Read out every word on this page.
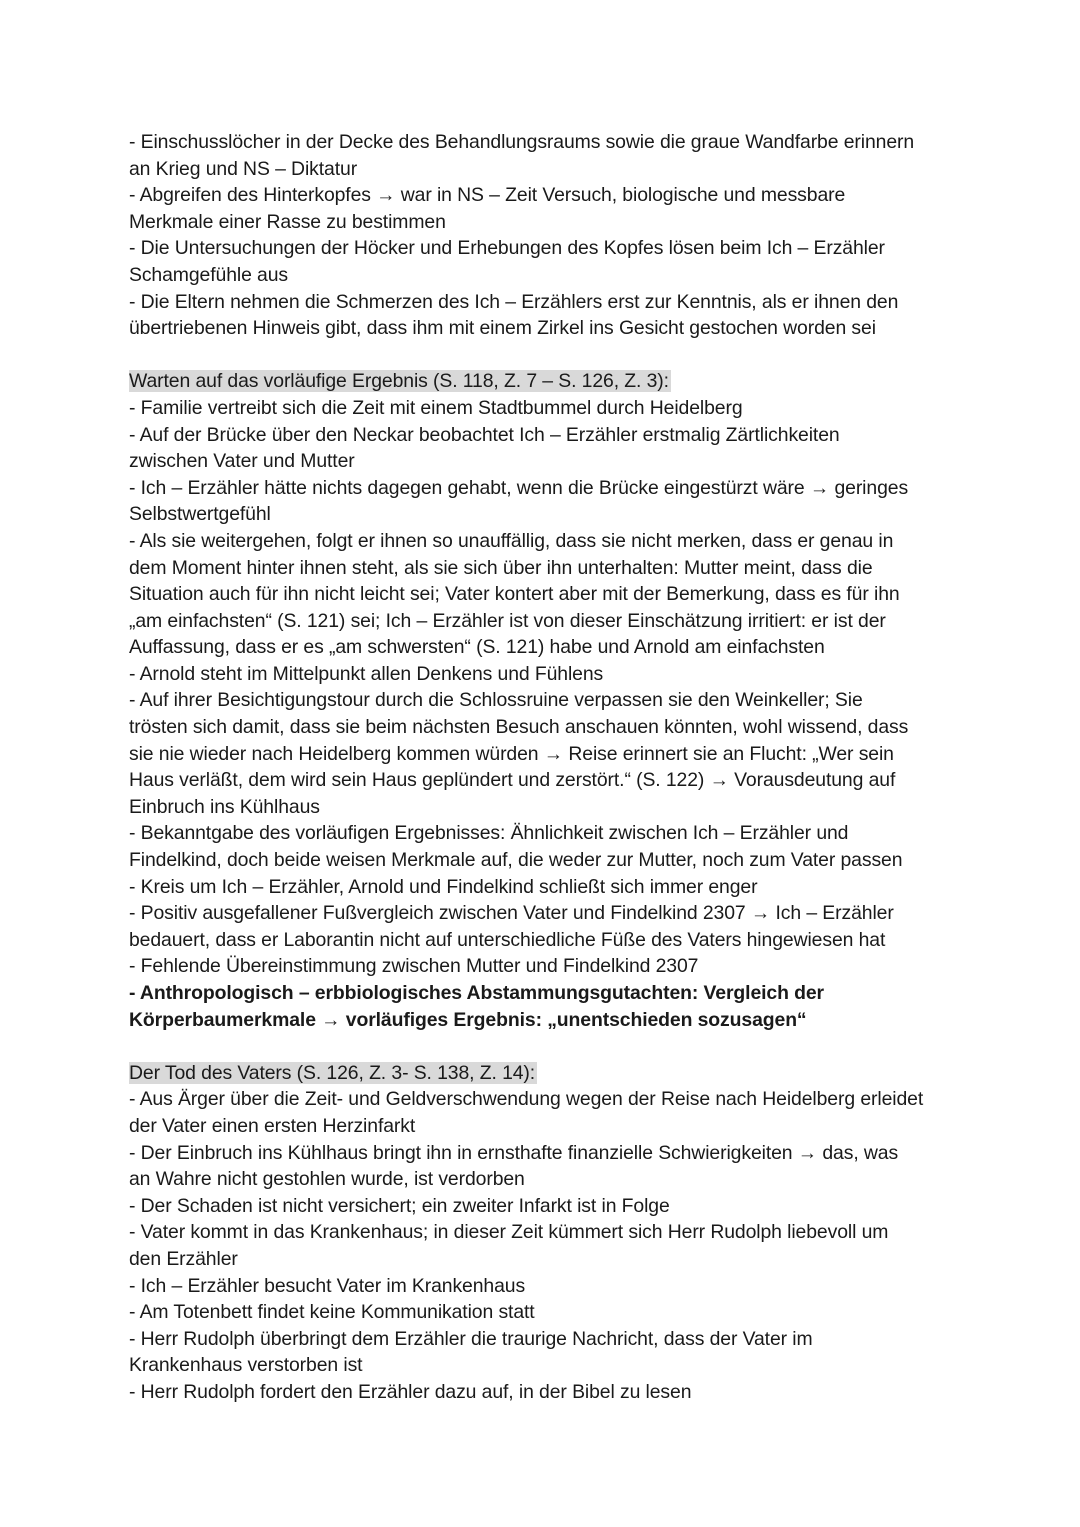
- Einschusslöcher in der Decke des Behandlungsraums sowie die graue Wandfarbe erinnern
an Krieg und NS – Diktatur
- Abgreifen des Hinterkopfes → war in NS – Zeit Versuch, biologische und messbare
Merkmale einer Rasse zu bestimmen
- Die Untersuchungen der Höcker und Erhebungen des Kopfes lösen beim Ich – Erzähler
Schamgefühle aus
- Die Eltern nehmen die Schmerzen des Ich – Erzählers erst zur Kenntnis, als er ihnen den
übertriebenen Hinweis gibt, dass ihm mit einem Zirkel ins Gesicht gestochen worden sei
Warten auf das vorläufige Ergebnis (S. 118, Z. 7 – S. 126, Z. 3):
- Familie vertreibt sich die Zeit mit einem Stadtbummel durch Heidelberg
- Auf der Brücke über den Neckar beobachtet Ich – Erzähler erstmalig Zärtlichkeiten
zwischen Vater und Mutter
- Ich – Erzähler hätte nichts dagegen gehabt, wenn die Brücke eingestürzt wäre → geringes
Selbstwertgefühl
- Als sie weitergehen, folgt er ihnen so unauffällig, dass sie nicht merken, dass er genau in
dem Moment hinter ihnen steht, als sie sich über ihn unterhalten: Mutter meint, dass die
Situation auch für ihn nicht leicht sei; Vater kontert aber mit der Bemerkung, dass es für ihn
„am einfachsten“ (S. 121) sei; Ich – Erzähler ist von dieser Einschätzung irritiert: er ist der
Auffassung, dass er es „am schwersten“ (S. 121) habe und Arnold am einfachsten
- Arnold steht im Mittelpunkt allen Denkens und Fühlens
- Auf ihrer Besichtigungstour durch die Schlossruine verpassen sie den Weinkeller; Sie
trösten sich damit, dass sie beim nächsten Besuch anschauen könnten, wohl wissend, dass
sie nie wieder nach Heidelberg kommen würden → Reise erinnert sie an Flucht: „Wer sein
Haus verläßt, dem wird sein Haus geplündert und zerstört.“ (S. 122) → Vorausdeutung auf
Einbruch ins Kühlhaus
- Bekanntgabe des vorläufigen Ergebnisses: Ähnlichkeit zwischen Ich – Erzähler und
Findelkind, doch beide weisen Merkmale auf, die weder zur Mutter, noch zum Vater passen
- Kreis um Ich – Erzähler, Arnold und Findelkind schließt sich immer enger
- Positiv ausgefallener Fußvergleich zwischen Vater und Findelkind 2307 → Ich – Erzähler
bedauert, dass er Laborantin nicht auf unterschiedliche Füße des Vaters hingewiesen hat
- Fehlende Übereinstimmung zwischen Mutter und Findelkind 2307
- Anthropologisch – erbbiologisches Abstammungsgutachten: Vergleich der
Körperbaumerkmale → vorläufiges Ergebnis: „unentschieden sozusagen“
Der Tod des Vaters (S. 126, Z. 3- S. 138, Z. 14):
- Aus Ärger über die Zeit- und Geldverschwendung wegen der Reise nach Heidelberg erleidet
der Vater einen ersten Herzinfarkt
- Der Einbruch ins Kühlhaus bringt ihn in ernsthafte finanzielle Schwierigkeiten → das, was
an Wahre nicht gestohlen wurde, ist verdorben
- Der Schaden ist nicht versichert; ein zweiter Infarkt ist in Folge
- Vater kommt in das Krankenhaus; in dieser Zeit kümmert sich Herr Rudolph liebevoll um
den Erzähler
- Ich – Erzähler besucht Vater im Krankenhaus
- Am Totenbett findet keine Kommunikation statt
- Herr Rudolph überbringt dem Erzähler die traurige Nachricht, dass der Vater im
Krankenhaus verstorben ist
- Herr Rudolph fordert den Erzähler dazu auf, in der Bibel zu lesen
